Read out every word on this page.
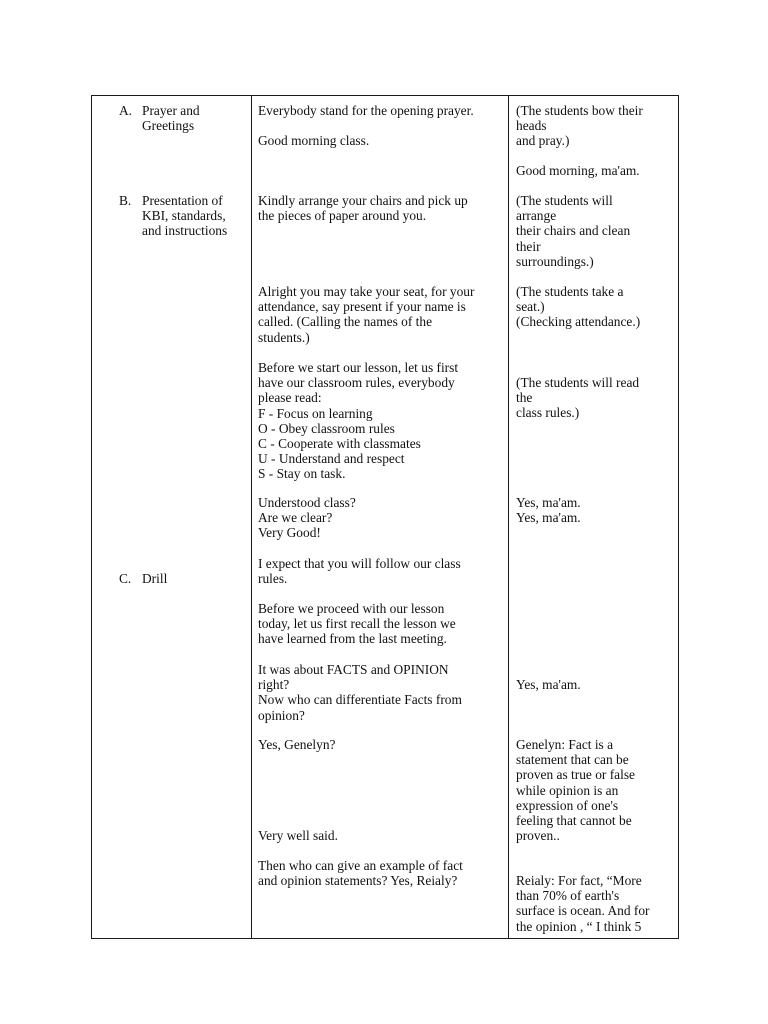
A. Prayer and
Greetings
B. Presentation of
KBI, standards,
and instructions
C. Drill
Everybody stand for the opening prayer.
Good morning class.
Kindly arrange your chairs and pick up
the pieces of paper around you.
Alright you may take your seat, for your
attendance, say present if your name is
called. (Calling the names of the
students.)
Before we start our lesson, let us first
have our classroom rules, everybody
please read:
F - Focus on learning
O - Obey classroom rules
C - Cooperate with classmates
U - Understand and respect
S - Stay on task.
Understood class?
Are we clear?
Very Good!
I expect that you will follow our class
rules.
Before we proceed with our lesson
today, let us first recall the lesson we
have learned from the last meeting.
It was about FACTS and OPINION
right?
Now who can differentiate Facts from
opinion?
Yes, Genelyn?
Very well said.
Then who can give an example of fact
and opinion statements? Yes, Reialy?
(The students bow their
heads
and pray.)
Good morning, ma'am.
(The students will
arrange
their chairs and clean
their
surroundings.)
(The students take a
seat.)
(Checking attendance.)
(The students will read
the
class rules.)
Yes, ma'am.
Yes, ma'am.
Yes, ma'am.
Genelyn: Fact is a
statement that can be
proven as true or false
while opinion is an
expression of one's
feeling that cannot be
proven..
Reialy: For fact, “More
than 70% of earth's
surface is ocean. And for
the opinion , “ I think 5
